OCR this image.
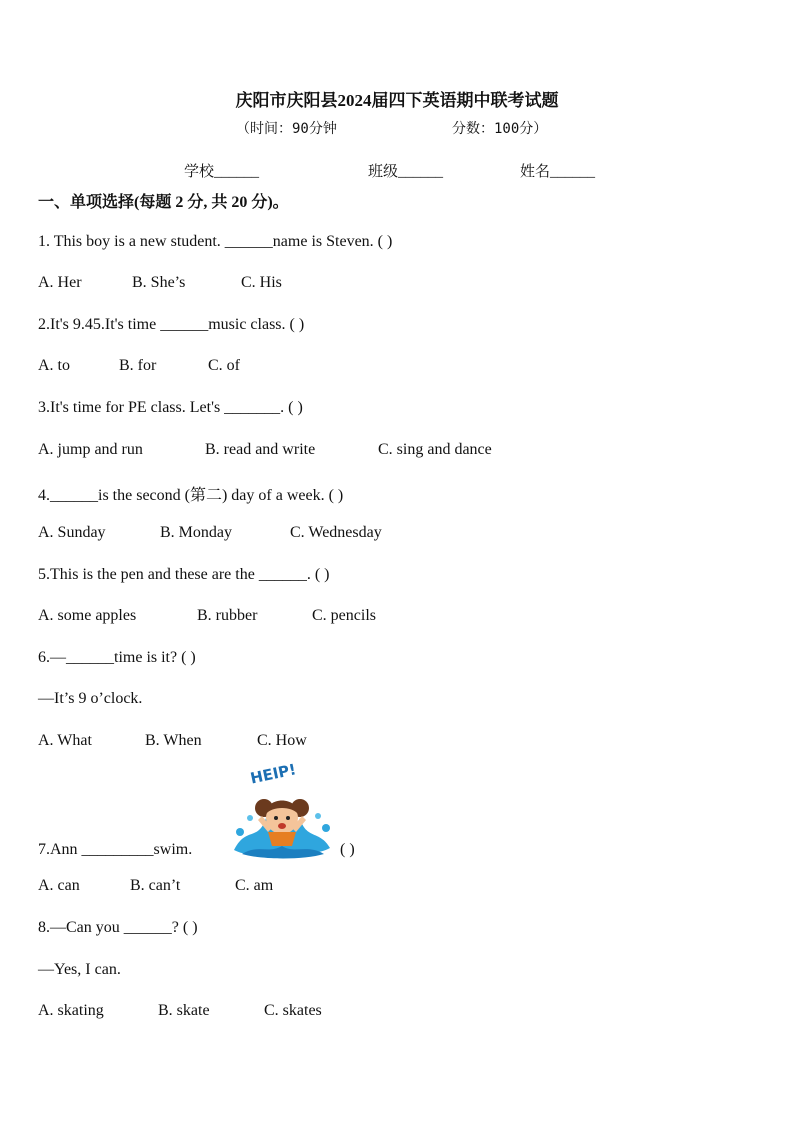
庆阳市庆阳县2024届四下英语期中联考试题
（时间：90分钟	分数：100分）
学校______	班级______	姓名______
一、单项选择(每题 2 分, 共 20 分)。
1. This boy is a new student. ______name is Steven. ( )
A. Her	B. She’s	C. His
2.It's 9.45.It's time ______music class. ( )
A. to	B. for	C. of
3.It's time for PE class. Let's _______. ( )
A. jump and run	B. read and write	C. sing and dance
4.______is the second (第二) day of a week. ( )
A. Sunday	B. Monday	C. Wednesday
5.This is the pen and these are the ______. ( )
A. some apples	B. rubber	C. pencils
6.—______time is it? ( )
—It’s 9 o’clock.
A. What	B. When	C. How
HEIP!
7.Ann _________swim.	( )
A. can	B. can’t	C. am
8.—Can you ______? ( )
—Yes, I can.
A. skating	B. skate	C. skates
